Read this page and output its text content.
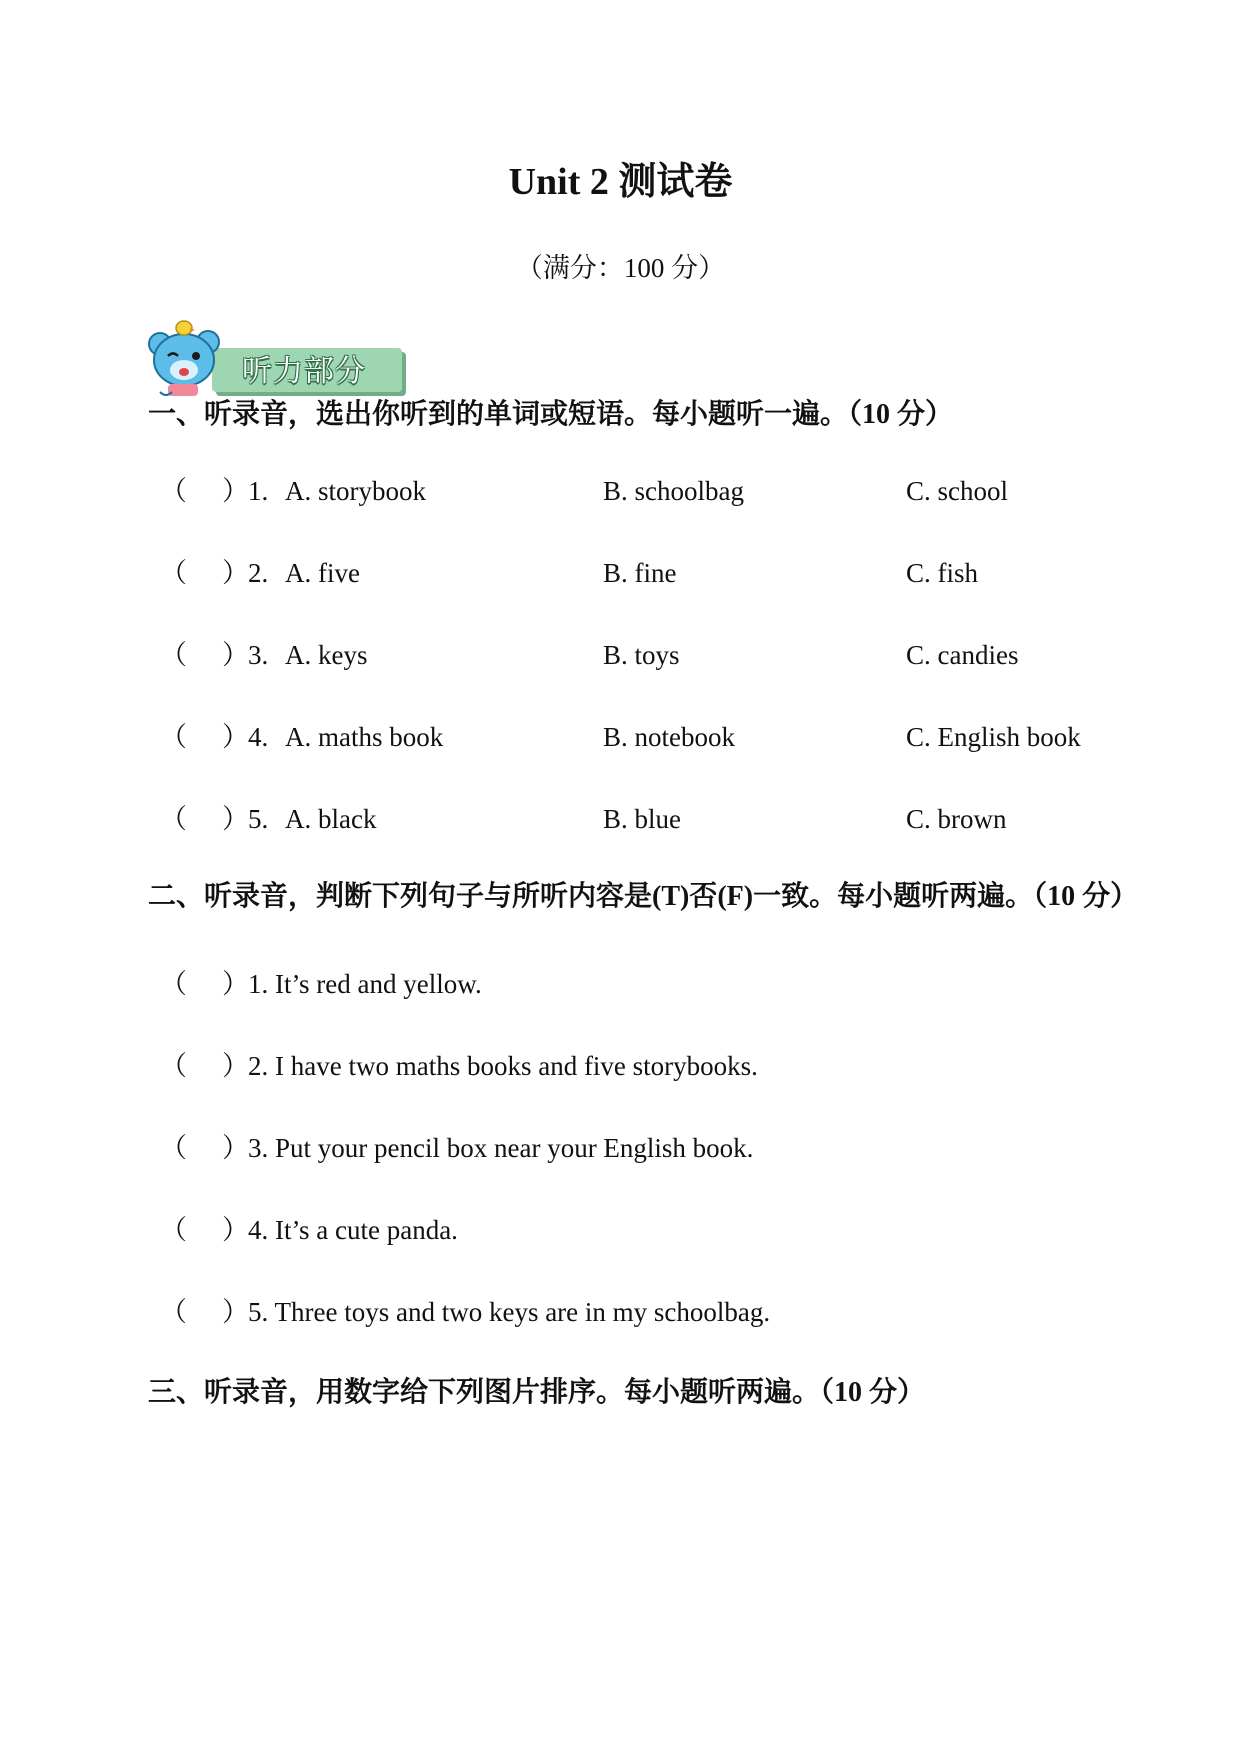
Unit 2 测试卷
（满分：100 分）
听力部分
一、听录音，选出你听到的单词或短语。每小题听一遍。（10 分）
（ ） 1. A. storybook	B. schoolbag	C. school
（ ） 2. A. five	B. fine	C. fish
（ ） 3. A. keys	B. toys	C. candies
（ ） 4. A. maths book	B. notebook	C. English book
（ ） 5. A. black	B. blue	C. brown
二、听录音，判断下列句子与所听内容是(T)否(F)一致。每小题听两遍。（10 分）
（ ） 1. It’s red and yellow.
（ ） 2. I have two maths books and five storybooks.
（ ） 3. Put your pencil box near your English book.
（ ） 4. It’s a cute panda.
（ ） 5. Three toys and two keys are in my schoolbag.
三、听录音，用数字给下列图片排序。每小题听两遍。（10 分）
